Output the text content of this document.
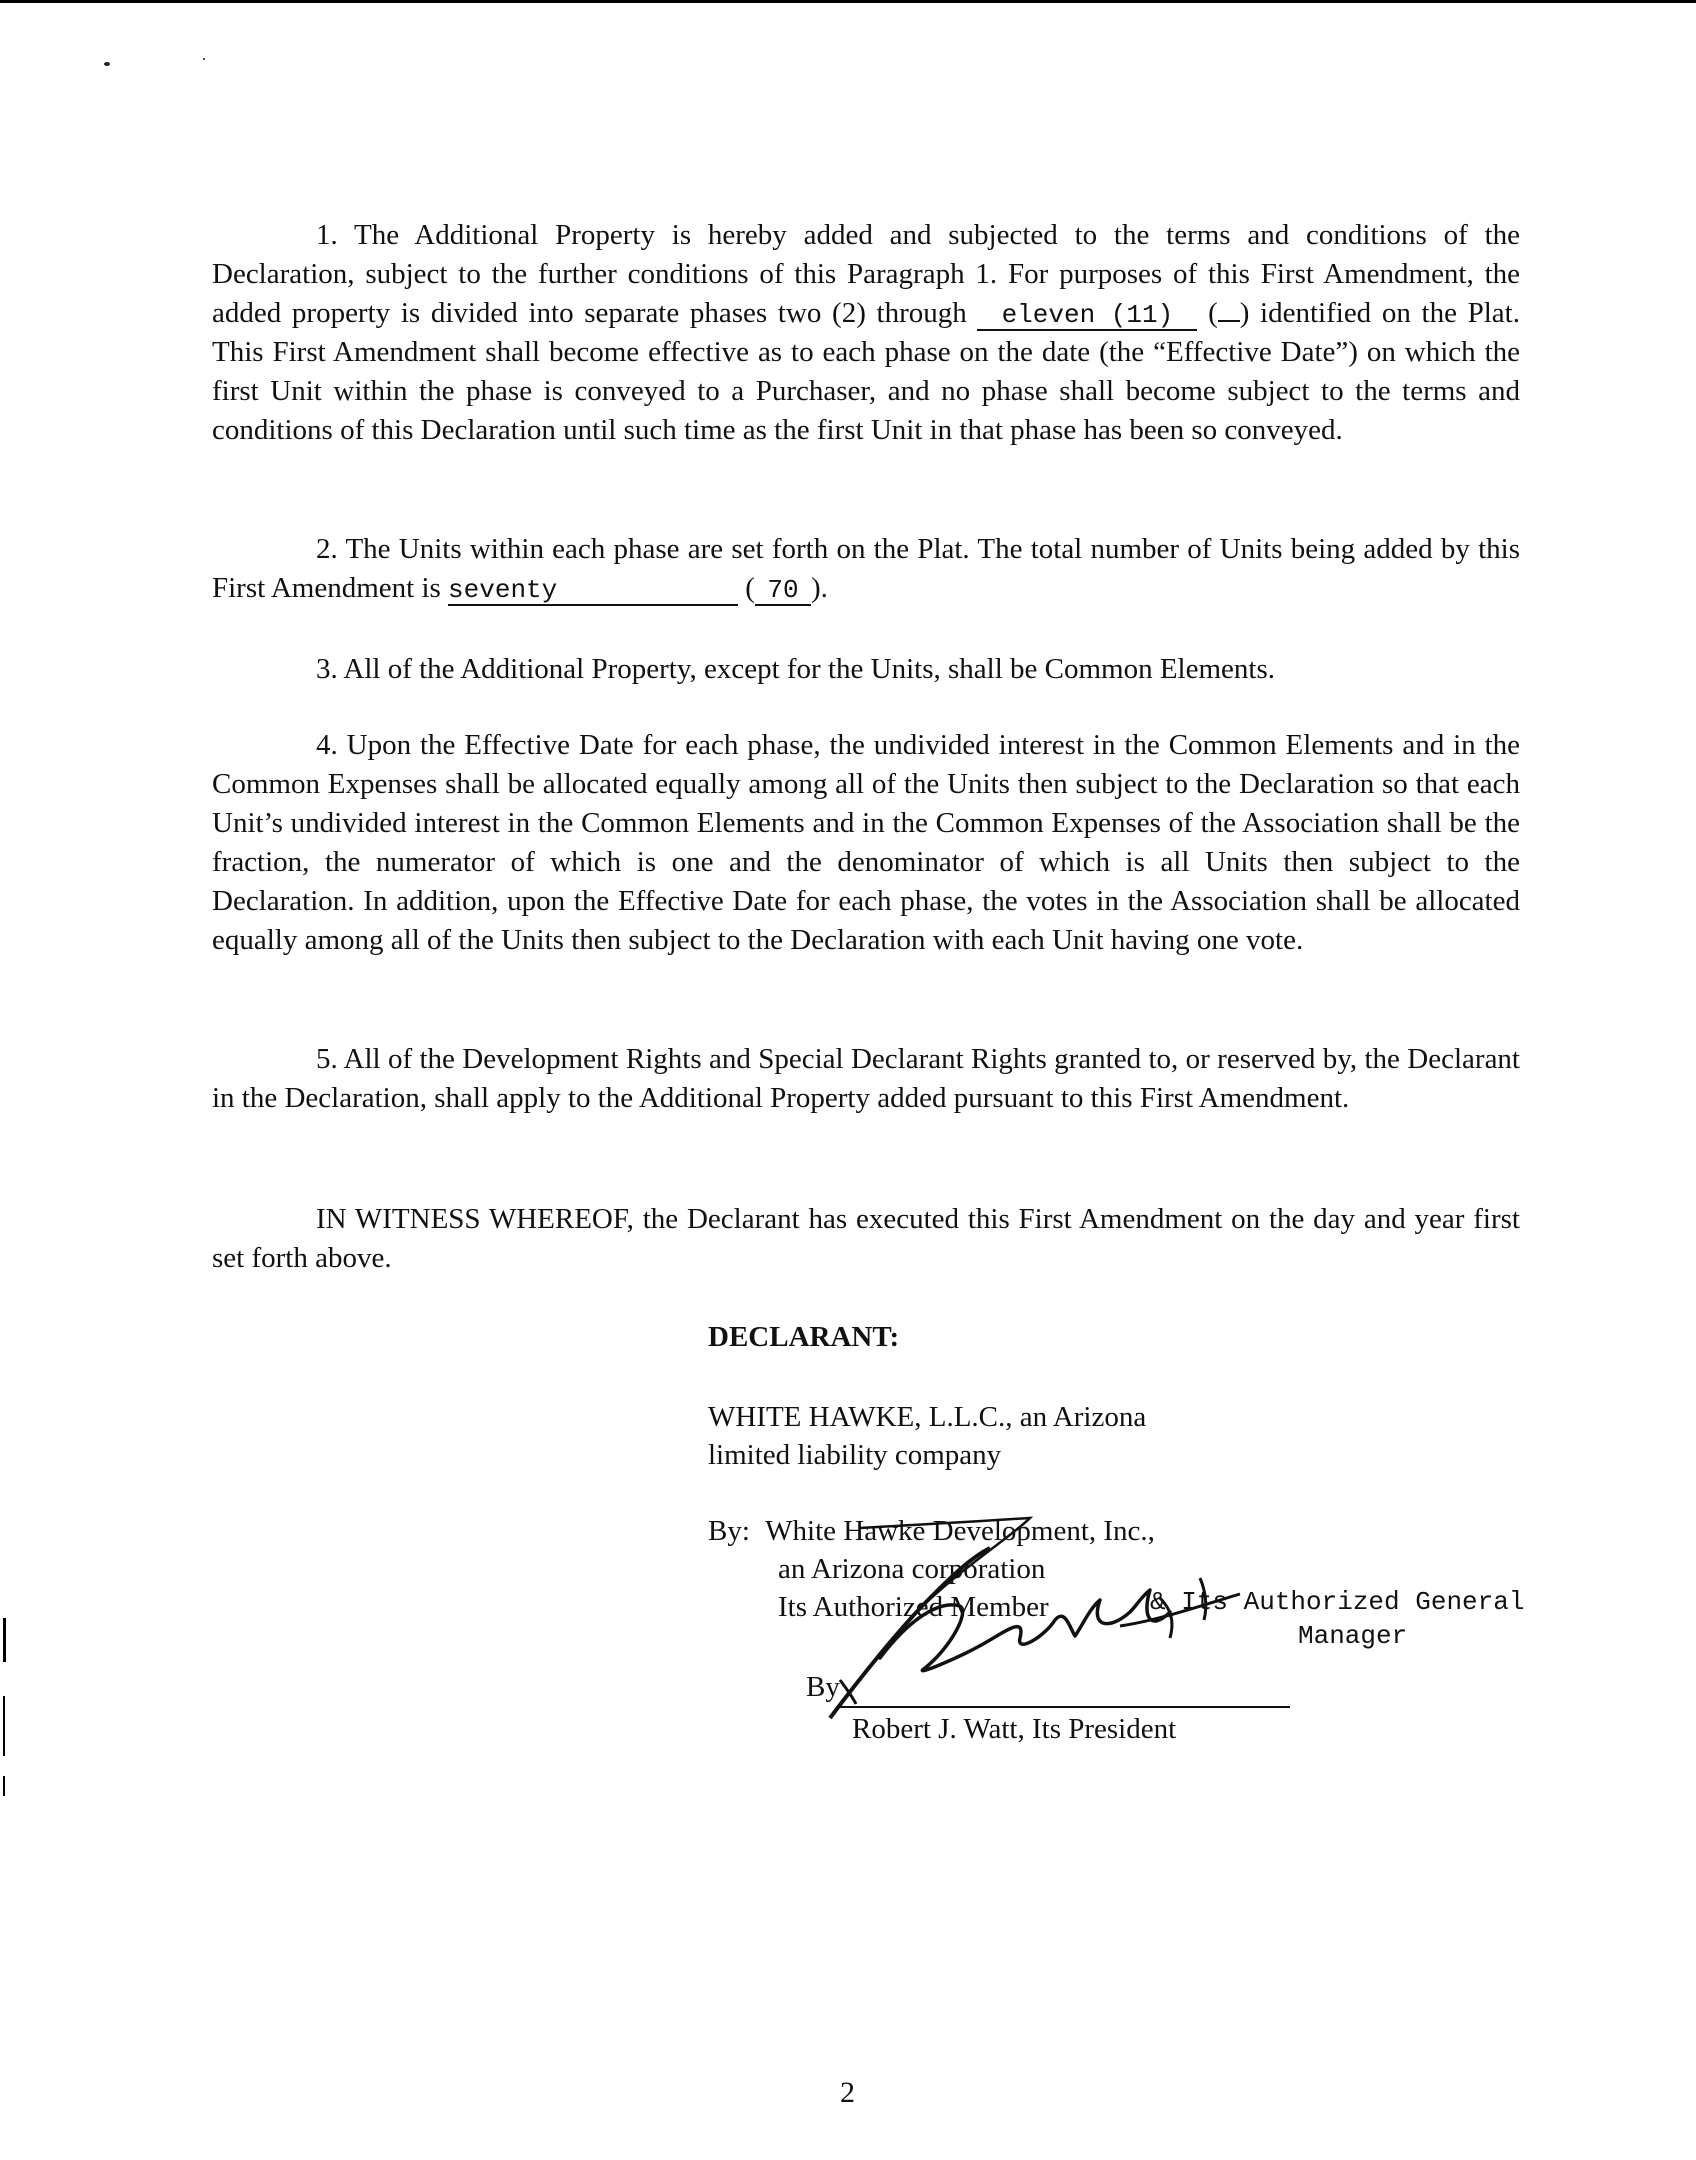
1. The Additional Property is hereby added and subjected to the terms and conditions of the Declaration, subject to the further conditions of this Paragraph 1. For purposes of this First Amendment, the added property is divided into separate phases two (2) through eleven (11) ( ) identified on the Plat. This First Amendment shall become effective as to each phase on the date (the “Effective Date”) on which the first Unit within the phase is conveyed to a Purchaser, and no phase shall become subject to the terms and conditions of this Declaration until such time as the first Unit in that phase has been so conveyed.

2. The Units within each phase are set forth on the Plat. The total number of Units being added by this First Amendment is seventy	( 70 ).

3. All of the Additional Property, except for the Units, shall be Common Elements.

4. Upon the Effective Date for each phase, the undivided interest in the Common Elements and in the Common Expenses shall be allocated equally among all of the Units then subject to the Declaration so that each Unit’s undivided interest in the Common Elements and in the Common Expenses of the Association shall be the fraction, the numerator of which is one and the denominator of which is all Units then subject to the Declaration. In addition, upon the Effective Date for each phase, the votes in the Association shall be allocated equally among all of the Units then subject to the Declaration with each Unit having one vote.

5. All of the Development Rights and Special Declarant Rights granted to, or reserved by, the Declarant in the Declaration, shall apply to the Additional Property added pursuant to this First Amendment.

IN WITNESS WHEREOF, the Declarant has executed this First Amendment on the day and year first set forth above.

DECLARANT:
WHITE HAWKE, L.L.C., an Arizona
limited liability company
By: White Hawke Development, Inc.,
an Arizona corporation
Its Authorized Member	& Its Authorized General
Manager
By
Robert J. Watt, Its President
2
